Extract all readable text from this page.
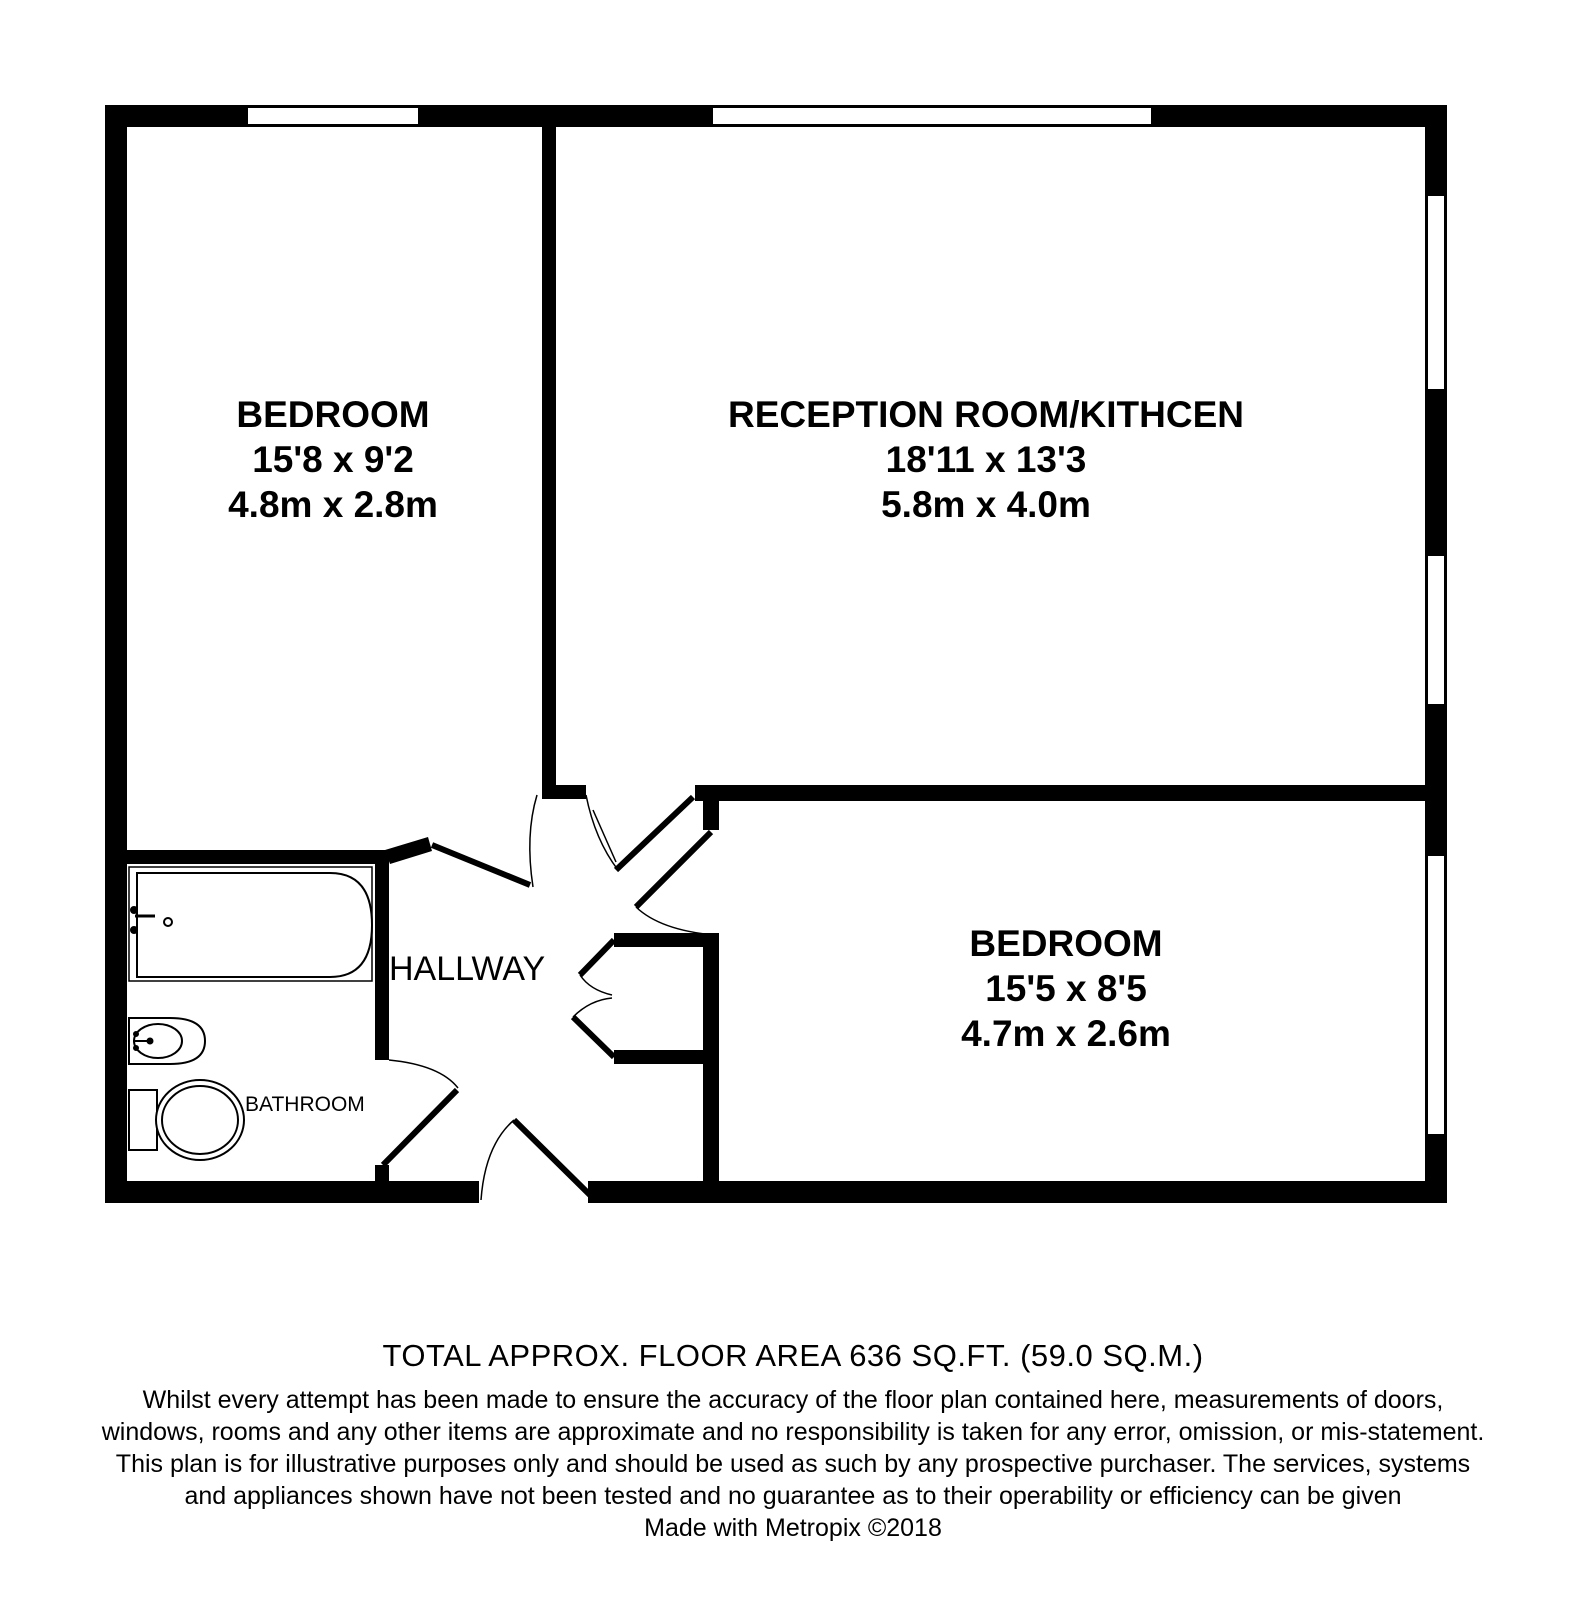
BEDROOM
15'8 x 9'2
4.8m x 2.8m
RECEPTION ROOM/KITHCEN
18'11 x 13'3
5.8m x 4.0m
BEDROOM
15'5 x 8'5
4.7m x 2.6m
HALLWAY
BATHROOM
TOTAL APPROX. FLOOR AREA 636 SQ.FT. (59.0 SQ.M.)
Whilst every attempt has been made to ensure the accuracy of the floor plan contained here, measurements of doors, windows, rooms and any other items are approximate and no responsibility is taken for any error, omission, or mis-statement. This plan is for illustrative purposes only and should be used as such by any prospective purchaser. The services, systems and appliances shown have not been tested and no guarantee as to their operability or efficiency can be given
Made with Metropix ©2018
